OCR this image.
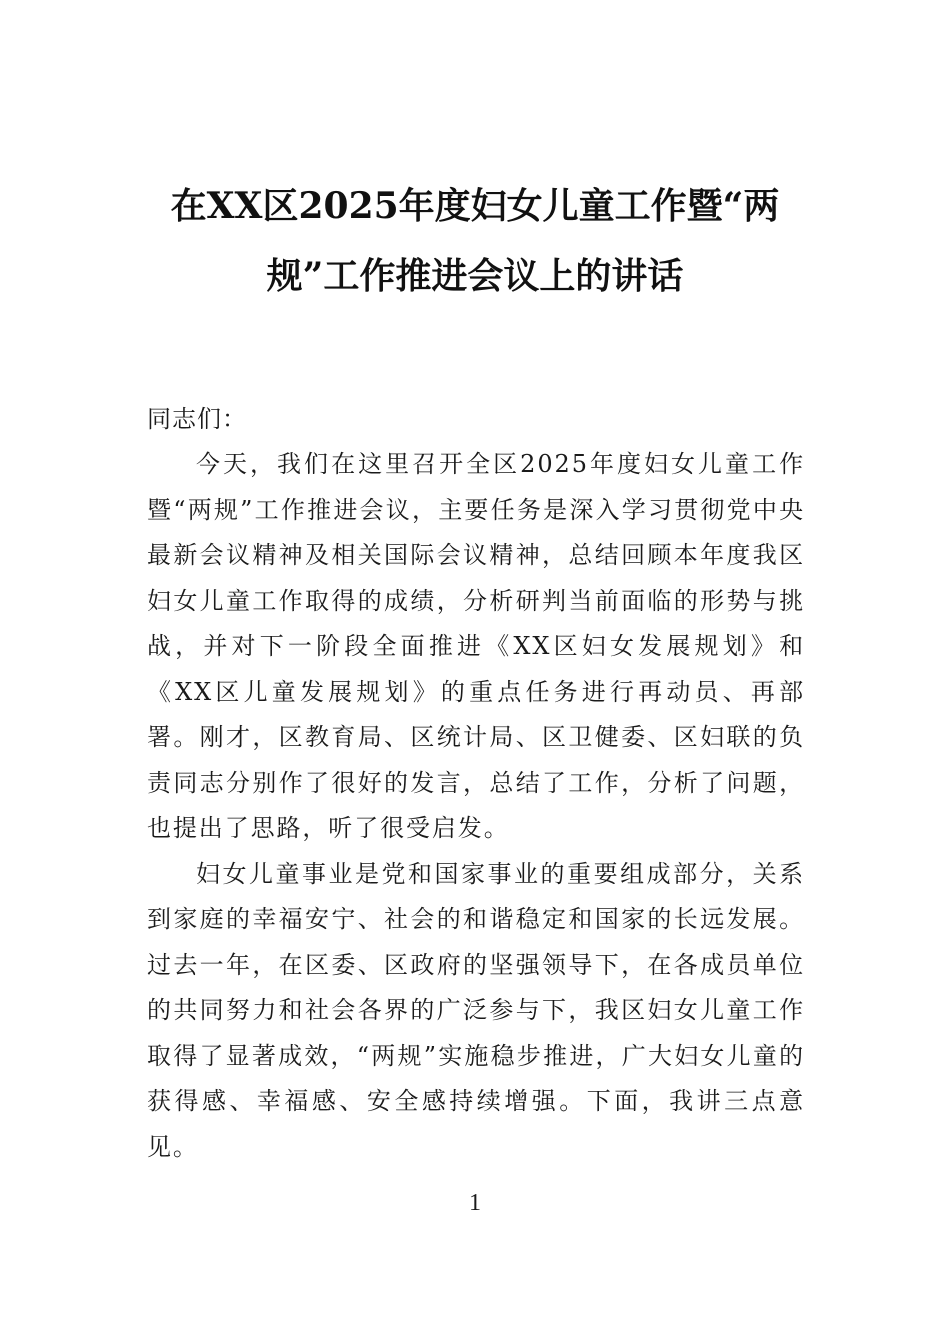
在XX区2025年度妇女儿童工作暨“两
规”工作推进会议上的讲话

同志们：

今天，我们在这里召开全区2025年度妇女儿童工作暨“两规”工作推进会议，主要任务是深入学习贯彻党中央最新会议精神及相关国际会议精神，总结回顾本年度我区妇女儿童工作取得的成绩，分析研判当前面临的形势与挑战，并对下一阶段全面推进《XX区妇女发展规划》和《XX区儿童发展规划》的重点任务进行再动员、再部署。刚才，区教育局、区统计局、区卫健委、区妇联的负责同志分别作了很好的发言，总结了工作，分析了问题，也提出了思路，听了很受启发。

妇女儿童事业是党和国家事业的重要组成部分，关系到家庭的幸福安宁、社会的和谐稳定和国家的长远发展。过去一年，在区委、区政府的坚强领导下，在各成员单位的共同努力和社会各界的广泛参与下，我区妇女儿童工作取得了显著成效，“两规”实施稳步推进，广大妇女儿童的获得感、幸福感、安全感持续增强。下面，我讲三点意见。

1
